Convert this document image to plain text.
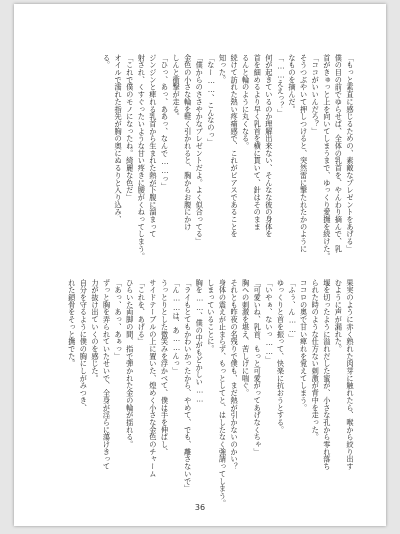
「もっと素直に感じるための、素敵なプレゼントをあげる」
僕の目の前でゆらせば、全体の乳首を、やんわり摘んで、乳
首がきゅっと上を向いてしまうまで、ゆっくり愛撫を続けた。
「ココがいいんだろ？」
そうつぶやいて押しつけると、突然雷に撃たれたかのように
なものを摘んだ。
「……ええっ？」
何が起きているのか理解出来ない、そんなな彼の身体を
首を細めるより早く乳首を横に貫いて、針はそのまま
るんと輪のように丸くなる。
続けて訪れた熱い疼痛感で、これがピアスであることを
知った。
「なー……、こんなのっ」
「僕からのささやかなプレゼントだよ。よく似合ってる」
金色の小さな輪を軽く引かれると、胸からお腹にかけ
しんと衝撃が走る。
「ひっ、あっ、ああっ、なんで……っ」
ジンジンと痺れる乳首から生まれた熱が下腹に溜まって
射され、くすぐったいような甘い疼きに腰がくねってしまう。
「これで僕のモノになったね。綺麗な色だ」
オイルで濡れた指先が胸の奥にぬるりと入り込み、
る。
果実のように赤く熟れた肉芽に触れたら、喉から絞り出す
むように声が漏れた。
堰を切ったように溢れだした蜜が、小さな孔から零れ落ち
られた時のような仕方ない刺激が背中を走った。
ココロの奥で甘い痺れを覚えてしまう。
「ふぅ、ん……」
ゆっくりと首を振って、快楽に抗おうとする。
「いやぁ、ないっ……」
「可愛いね、乳首、もっと可愛がってあげなくちゃ」
胸への刺激を堪え、苦しげに喘ぐ。
それとも昨夜の名残りで僕も、まだ熱が引かないのかい？
身体の震えが止まらず、もっとしてと、はしたなく強請ってしまう。
しまっていることに。
胸を……、僕の中がもどかしい……
「ライもとてもかわいかったから、やめて、でも、離さないで」
「ん……は、あ……んっ」
うっとりとした微笑みを浮かべて、僕は手を伸ばし、
サイドテーブルの上に置いた、煌めく小さな金色のチャーム
「これを、あげる」
ひらいた両脚の間、指で弾かれた金の輪が揺れる。
「あっ、あっ、あぁっ」
ずっと胸を弄られていたせいで、全身が淫らに蕩けきって
力が抜け出ていくのを感じた。
自分を守るように僕の胸にしがみつき、
れた鎖骨をそっと撫でた。
36
